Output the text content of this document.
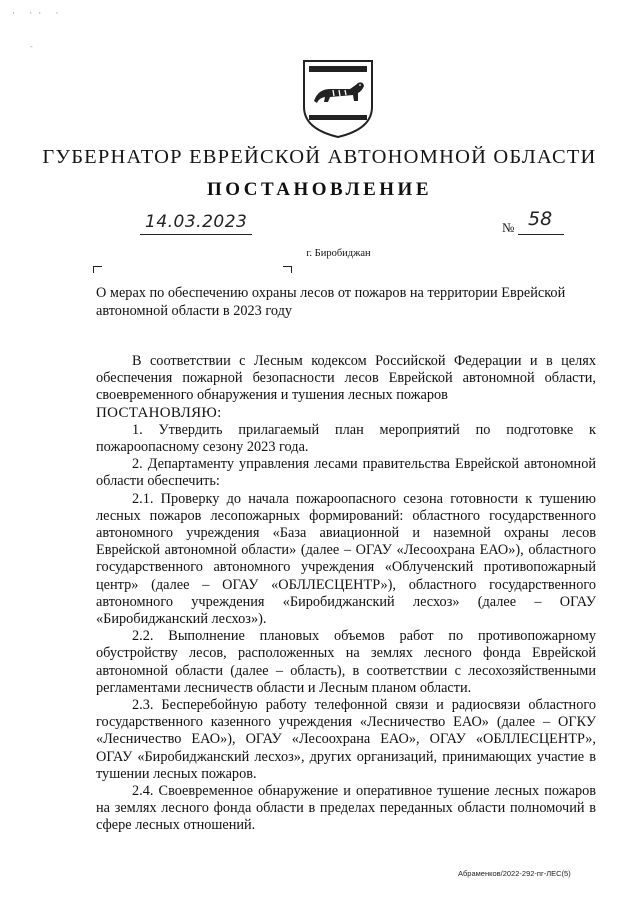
· ·· ·
-
ГУБЕРНАТОР ЕВРЕЙСКОЙ АВТОНОМНОЙ ОБЛАСТИ
ПОСТАНОВЛЕНИЕ
14.03.2023	№ 58
г. Биробиджан
О мерах по обеспечению охраны лесов от пожаров на территории Еврейской автономной области в 2023 году

В соответствии с Лесным кодексом Российской Федерации и в целях обеспечения пожарной безопасности лесов Еврейской автономной области, своевременного обнаружения и тушения лесных пожаров

ПОСТАНОВЛЯЮ:

1. Утвердить прилагаемый план мероприятий по подготовке к пожароопасному сезону 2023 года.

2. Департаменту управления лесами правительства Еврейской автономной области обеспечить:

2.1. Проверку до начала пожароопасного сезона готовности к тушению лесных пожаров лесопожарных формирований: областного государственного автономного учреждения «База авиационной и наземной охраны лесов Еврейской автономной области» (далее – ОГАУ «Лесоохрана ЕАО»), областного государственного автономного учреждения «Облученский противопожарный центр» (далее – ОГАУ «ОБЛЛЕСЦЕНТР»), областного государственного автономного учреждения «Биробиджанский лесхоз» (далее – ОГАУ «Биробиджанский лесхоз»).

2.2. Выполнение плановых объемов работ по противопожарному обустройству лесов, расположенных на землях лесного фонда Еврейской автономной области (далее – область), в соответствии с лесохозяйственными регламентами лесничеств области и Лесным планом области.

2.3. Бесперебойную работу телефонной связи и радиосвязи областного государственного казенного учреждения «Лесничество ЕАО» (далее – ОГКУ «Лесничество ЕАО»), ОГАУ «Лесоохрана ЕАО», ОГАУ «ОБЛЛЕСЦЕНТР», ОГАУ «Биробиджанский лесхоз», других организаций, принимающих участие в тушении лесных пожаров.

2.4. Своевременное обнаружение и оперативное тушение лесных пожаров на землях лесного фонда области в пределах переданных области полномочий в сфере лесных отношений.

Абраменков/2022-292-пг-ЛЕС(5)
